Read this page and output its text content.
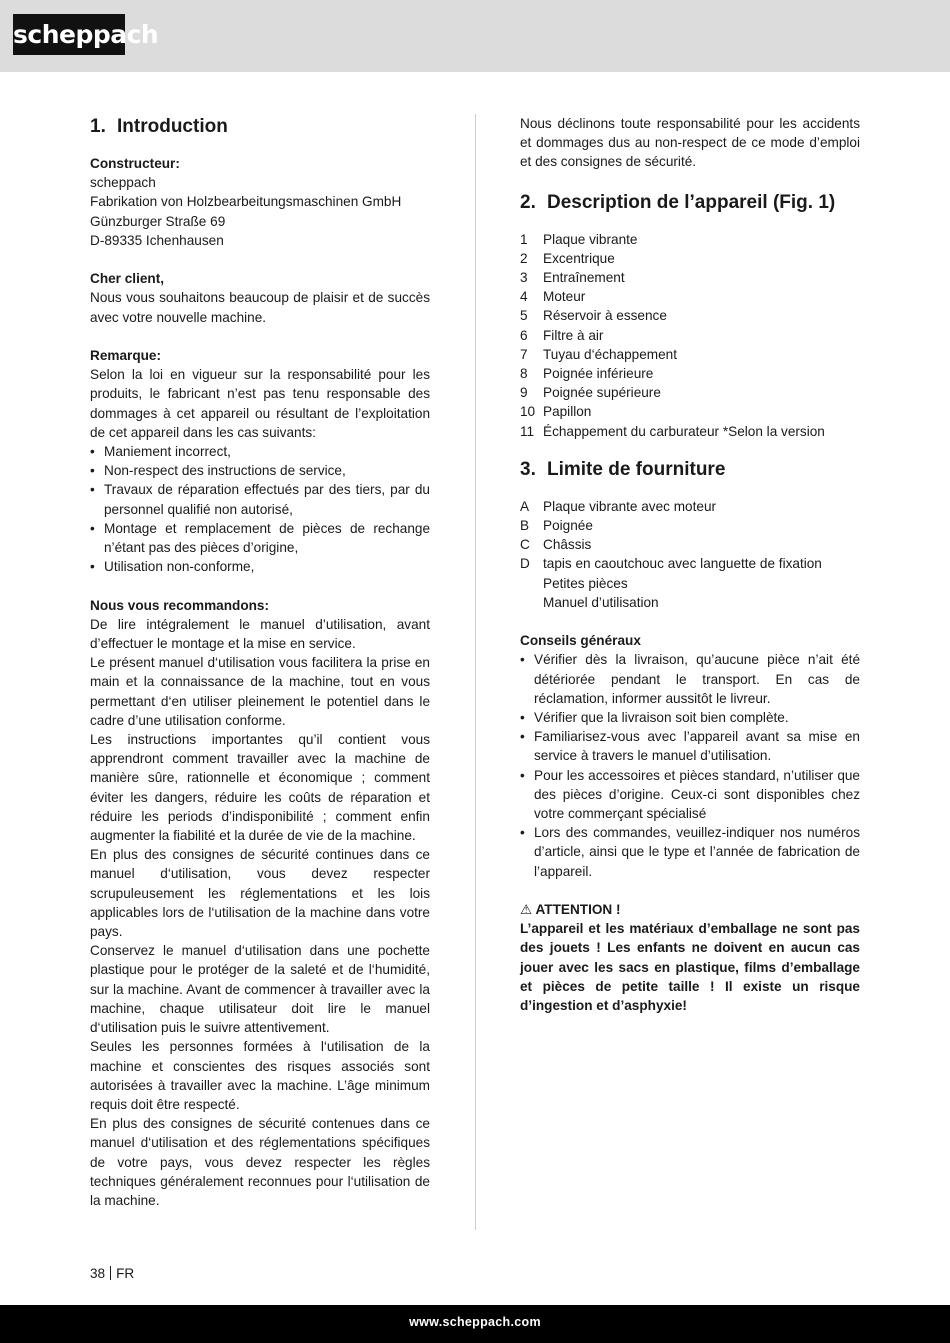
scheppach
1. Introduction

Constructeur:

scheppach
Fabrikation von Holzbearbeitungsmaschinen GmbH
Günzburger Straße 69
D-89335 Ichenhausen

Cher client,

Nous vous souhaitons beaucoup de plaisir et de succès avec votre nouvelle machine.

Remarque:

Selon la loi en vigueur sur la responsabilité pour les produits, le fabricant n’est pas tenu responsable des dommages à cet appareil ou résultant de l’exploitation de cet appareil dans les cas suivants:

• Maniement incorrect,
• Non-respect des instructions de service,
• Travaux de réparation effectués par des tiers, par du personnel qualifié non autorisé,
• Montage et remplacement de pièces de rechange n’étant pas des pièces d’origine,
• Utilisation non-conforme,

Nous vous recommandons:

De lire intégralement le manuel d’utilisation, avant d’effectuer le montage et la mise en service.

Le présent manuel d‘utilisation vous facilitera la prise en main et la connaissance de la machine, tout en vous permettant d‘en utiliser pleinement le potentiel dans le cadre d’une utilisation conforme.

Les instructions importantes qu’il contient vous apprendront comment travailler avec la machine de manière sûre, rationnelle et économique ; comment éviter les dangers, réduire les coûts de réparation et réduire les periods d’indisponibilité ; comment enfin augmenter la fiabilité et la durée de vie de la machine.

En plus des consignes de sécurité continues dans ce manuel d‘utilisation, vous devez respecter scrupuleusement les réglementations et les lois applicables lors de l‘utilisation de la machine dans votre pays.

Conservez le manuel d‘utilisation dans une pochette plastique pour le protéger de la saleté et de l‘humidité, sur la machine. Avant de commencer à travailler avec la machine, chaque utilisateur doit lire le manuel d‘utilisation puis le suivre attentivement.

Seules les personnes formées à l‘utilisation de la machine et conscientes des risques associés sont autorisées à travailler avec la machine. L’âge minimum requis doit être respecté.

En plus des consignes de sécurité contenues dans ce manuel d‘utilisation et des réglementations spécifiques de votre pays, vous devez respecter les règles techniques généralement reconnues pour l‘utilisation de la machine.

Nous déclinons toute responsabilité pour les accidents et dommages dus au non-respect de ce mode d’emploi et des consignes de sécurité.

2. Description de l’appareil (Fig. 1)
1	Plaque vibrante
2	Excentrique
3	Entraînement
4	Moteur
5	Réservoir à essence
6	Filtre à air
7	Tuyau d‘échappement
8	Poignée inférieure
9	Poignée supérieure
10 Papillon
11 Échappement du carburateur *Selon la version
3. Limite de fourniture
A	Plaque vibrante avec moteur
B	Poignée
C Châssis
D tapis en caoutchouc avec languette de fixation
Petites pièces
Manuel d’utilisation

Conseils généraux

• Vérifier dès la livraison, qu’aucune pièce n’ait été détériorée pendant le transport. En cas de réclamation, informer aussitôt le livreur.
• Vérifier que la livraison soit bien complète.
• Familiarisez-vous avec l’appareil avant sa mise en service à travers le manuel d’utilisation.
• Pour les accessoires et pièces standard, n’utiliser que des pièces d’origine. Ceux-ci sont disponibles chez votre commerçant spécialisé
• Lors des commandes, veuillez-indiquer nos numéros d’article, ainsi que le type et l’année de fabrication de l’appareil.

⚠ ATTENTION !

L’appareil et les matériaux d’emballage ne sont pas des jouets ! Les enfants ne doivent en aucun cas jouer avec les sacs en plastique, films d’emballage et pièces de petite taille ! Il existe un risque d’ingestion et d’asphyxie!

38 FR
www.scheppach.com
